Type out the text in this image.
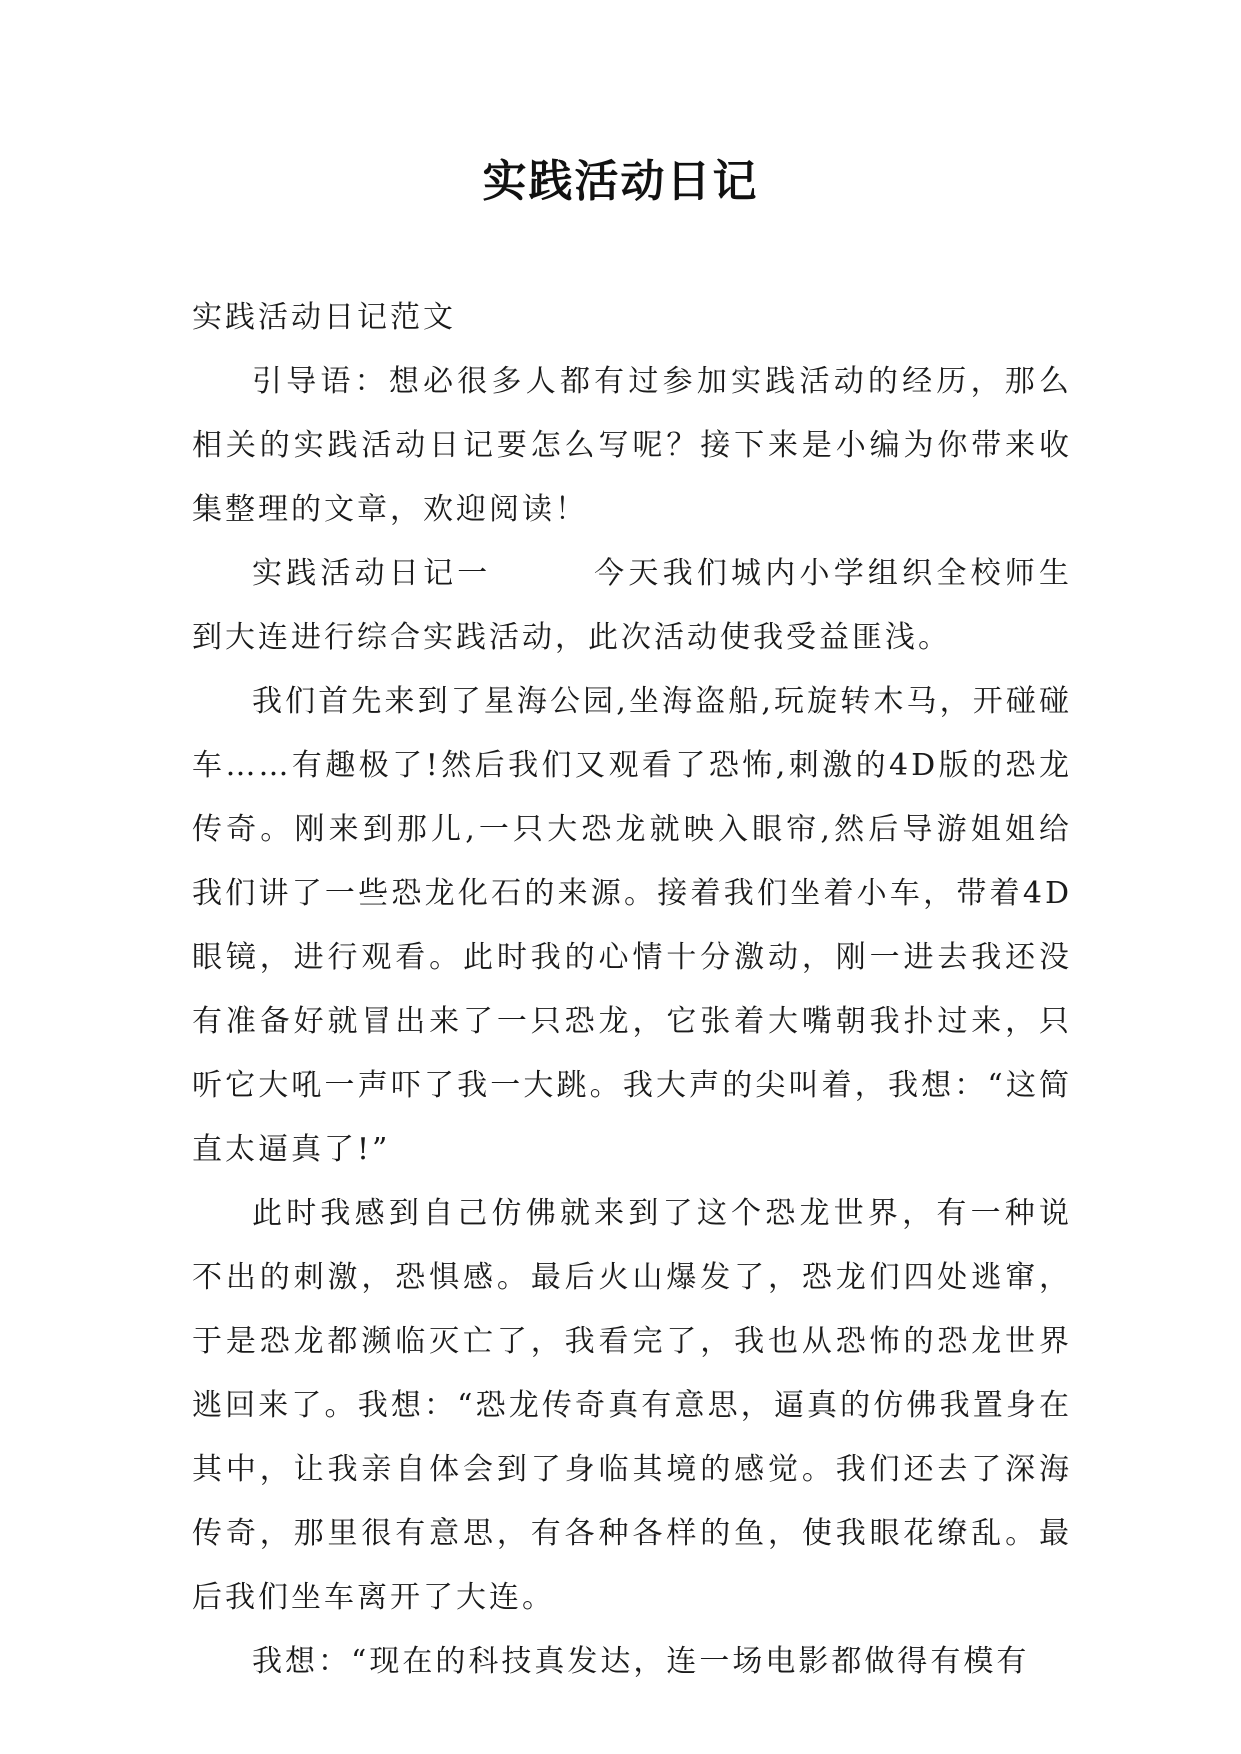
实践活动日记

实践活动日记范文

引导语：想必很多人都有过参加实践活动的经历，那么相关的实践活动日记要怎么写呢？接下来是小编为你带来收集整理的文章，欢迎阅读！

实践活动日记一　　　今天我们城内小学组织全校师生到大连进行综合实践活动，此次活动使我受益匪浅。

我们首先来到了星海公园,坐海盗船,玩旋转木马，开碰碰车……有趣极了!然后我们又观看了恐怖,刺激的4D版的恐龙传奇。刚来到那儿,一只大恐龙就映入眼帘,然后导游姐姐给我们讲了一些恐龙化石的来源。接着我们坐着小车，带着4D眼镜，进行观看。此时我的心情十分激动，刚一进去我还没有准备好就冒出来了一只恐龙，它张着大嘴朝我扑过来，只听它大吼一声吓了我一大跳。我大声的尖叫着，我想：“这简直太逼真了!”

此时我感到自己仿佛就来到了这个恐龙世界，有一种说不出的刺激，恐惧感。最后火山爆发了，恐龙们四处逃窜，于是恐龙都濒临灭亡了，我看完了，我也从恐怖的恐龙世界逃回来了。我想：“恐龙传奇真有意思，逼真的仿佛我置身在其中，让我亲自体会到了身临其境的感觉。我们还去了深海传奇，那里很有意思，有各种各样的鱼，使我眼花缭乱。最后我们坐车离开了大连。

我想：“现在的科技真发达，连一场电影都做得有模有
